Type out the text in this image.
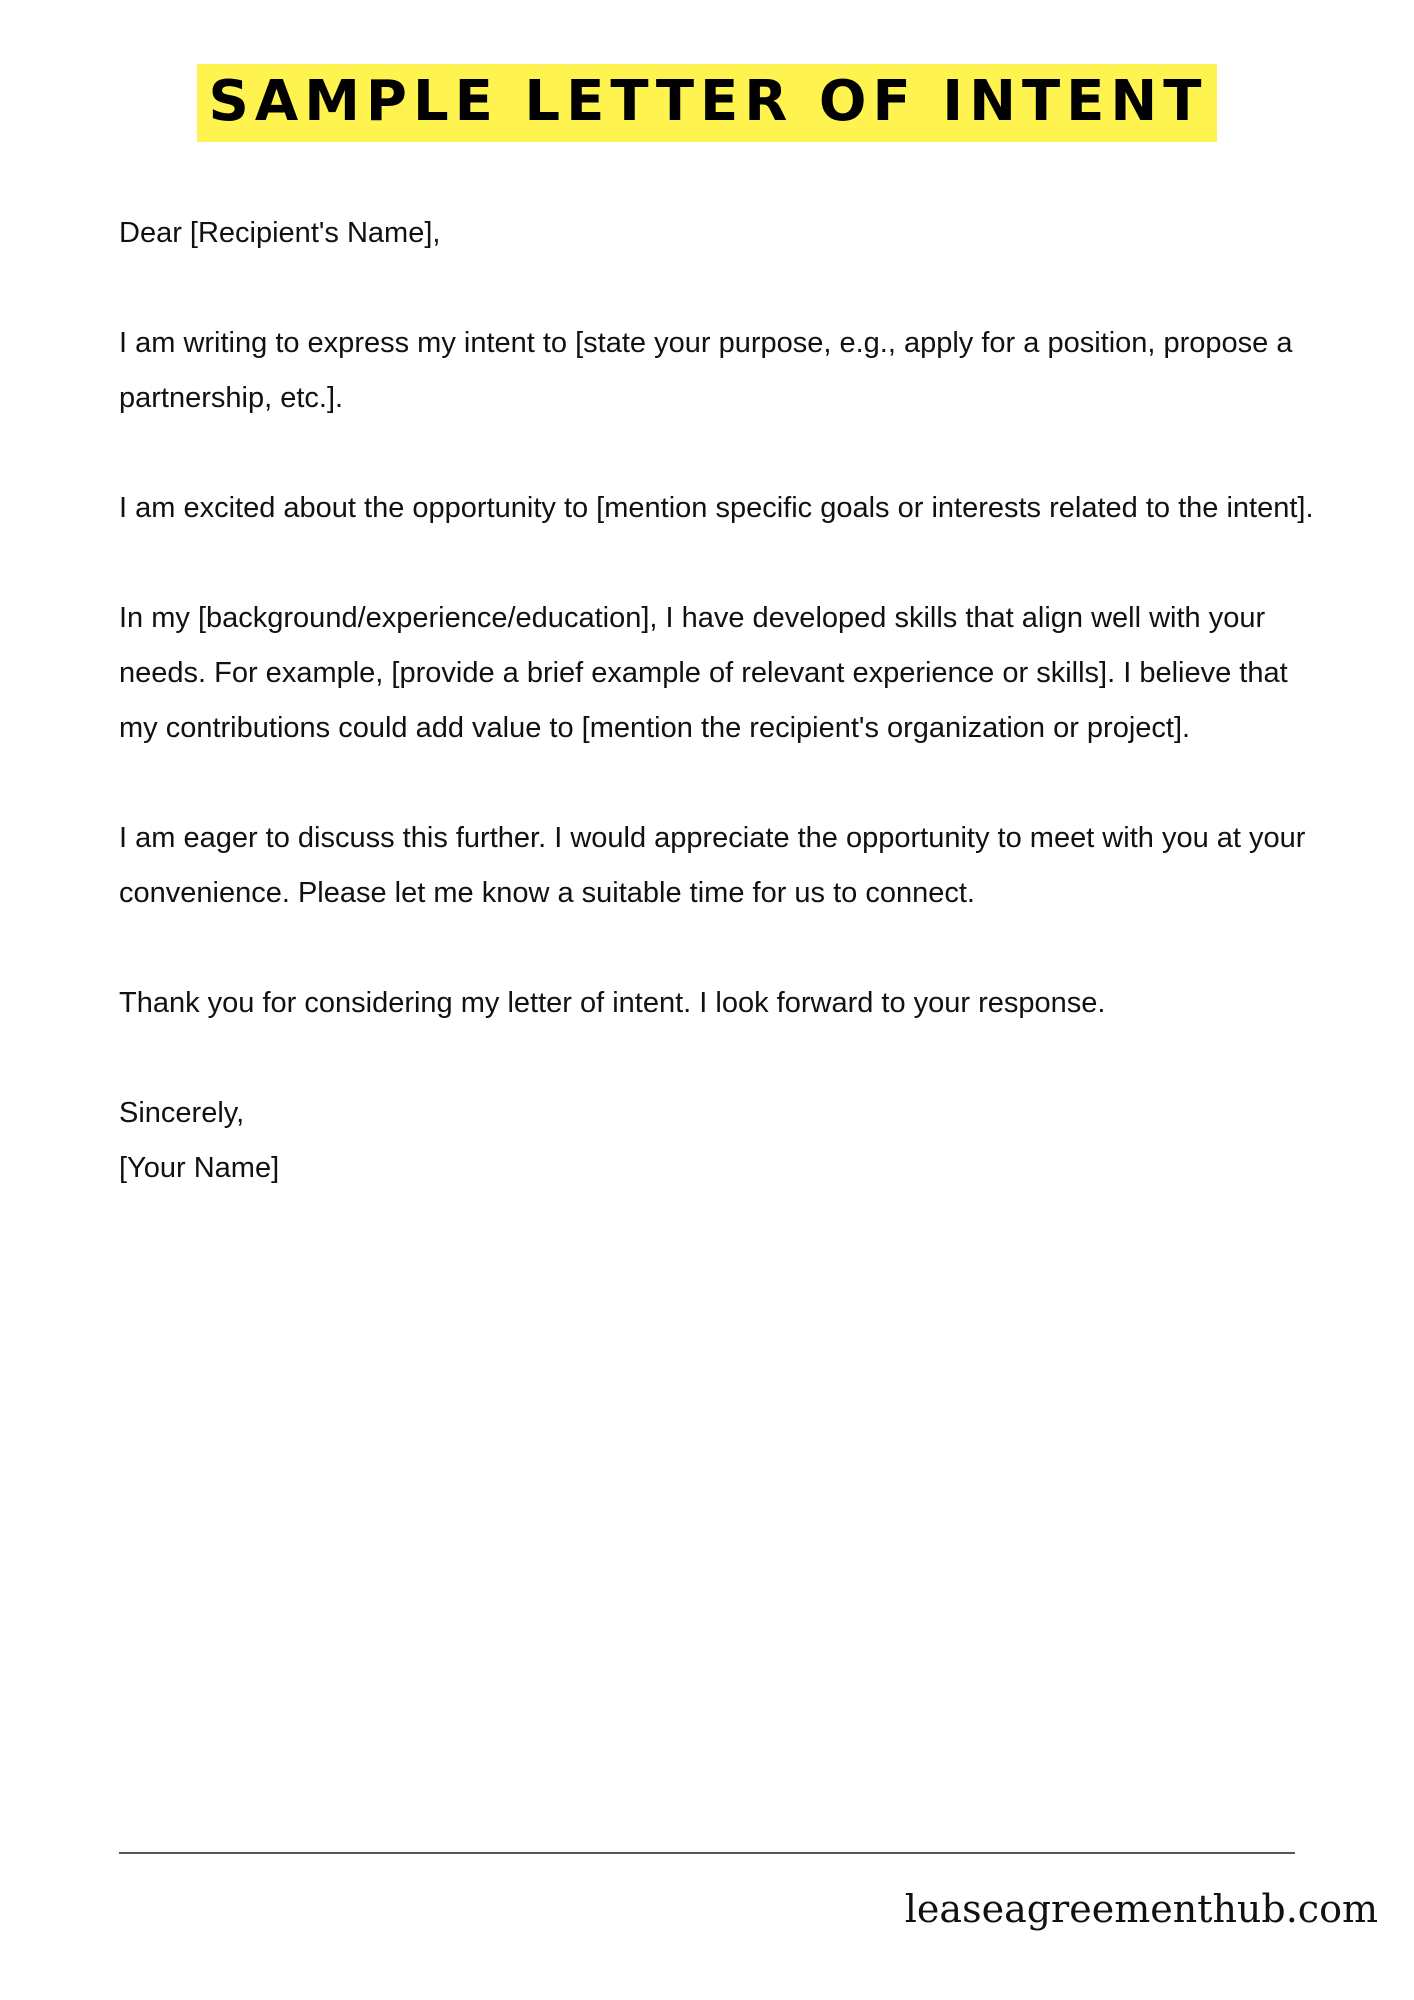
SAMPLE LETTER OF INTENT

Dear [Recipient's Name],

I am writing to express my intent to [state your purpose, e.g., apply for a position, propose a partnership, etc.].

I am excited about the opportunity to [mention specific goals or interests related to the intent].

In my [background/experience/education], I have developed skills that align well with your needs. For example, [provide a brief example of relevant experience or skills]. I believe that my contributions could add value to [mention the recipient's organization or project].

I am eager to discuss this further. I would appreciate the opportunity to meet with you at your convenience. Please let me know a suitable time for us to connect.

Thank you for considering my letter of intent. I look forward to your response.

Sincerely,

[Your Name]

leaseagreementhub.com
